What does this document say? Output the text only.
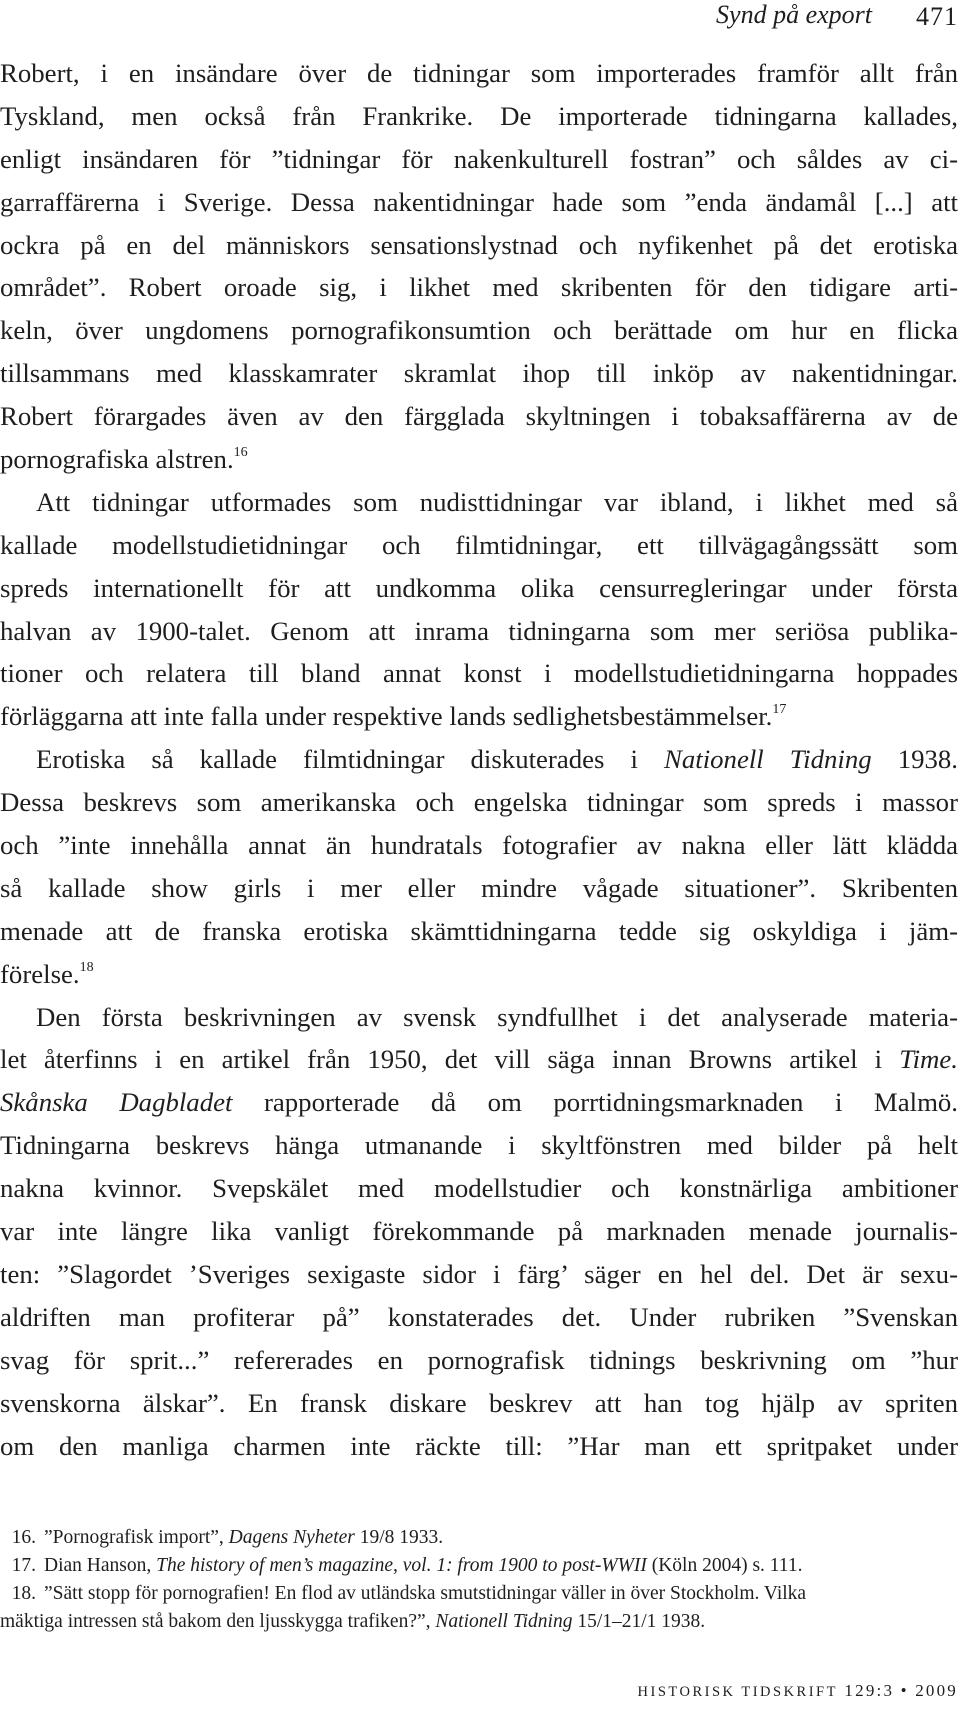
Synd på export 471
Robert, i en insändare över de tidningar som importerades framför allt från
Tyskland, men också från Frankrike. De importerade tidningarna kallades,
enligt insändaren för ”tidningar för nakenkulturell fostran” och såldes av ci-
garraffärerna i Sverige. Dessa nakentidningar hade som ”enda ändamål [...] att
ockra på en del människors sensationslystnad och nyfikenhet på det erotiska
området”. Robert oroade sig, i likhet med skribenten för den tidigare arti-
keln, över ungdomens pornografikonsumtion och berättade om hur en flicka
tillsammans med klasskamrater skramlat ihop till inköp av nakentidningar.
Robert förargades även av den färgglada skyltningen i tobaksaffärerna av de
pornografiska alstren.$^{16}$
Att tidningar utformades som nudisttidningar var ibland, i likhet med så
kallade modellstudietidningar och filmtidningar, ett tillvägagångssätt som
spreds internationellt för att undkomma olika censurregleringar under första
halvan av 1900-talet. Genom att inrama tidningarna som mer seriösa publika-
tioner och relatera till bland annat konst i modellstudietidningarna hoppades
förläggarna att inte falla under respektive lands sedlighetsbestämmelser.$^{17}$
Erotiska så kallade filmtidningar diskuterades i Nationell Tidning 1938.
Dessa beskrevs som amerikanska och engelska tidningar som spreds i massor
och ”inte innehålla annat än hundratals fotografier av nakna eller lätt klädda
så kallade show girls i mer eller mindre vågade situationer”. Skribenten
menade att de franska erotiska skämttidningarna tedde sig oskyldiga i jäm-
förelse.$^{18}$
Den första beskrivningen av svensk syndfullhet i det analyserade materia-
let återfinns i en artikel från 1950, det vill säga innan Browns artikel i Time.
Skånska Dagbladet rapporterade då om porrtidningsmarknaden i Malmö.
Tidningarna beskrevs hänga utmanande i skyltfönstren med bilder på helt
nakna kvinnor. Svepskälet med modellstudier och konstnärliga ambitioner
var inte längre lika vanligt förekommande på marknaden menade journalis-
ten: ”Slagordet ’Sveriges sexigaste sidor i färg’ säger en hel del. Det är sexu-
aldriften man profiterar på” konstaterades det. Under rubriken ”Svenskan
svag för sprit...” refererades en pornografisk tidnings beskrivning om ”hur
svenskorna älskar”. En fransk diskare beskrev att han tog hjälp av spriten
om den manliga charmen inte räckte till: ”Har man ett spritpaket under
16. ”Pornografisk import”, Dagens Nyheter 19/8 1933.
17. Dian Hanson, The history of men’s magazine, vol. 1: from 1900 to post-WWII (Köln 2004) s. 111.
18. ”Sätt stopp för pornografien! En flod av utländska smutstidningar väller in över Stockholm. Vilka
mäktiga intressen stå bakom den ljusskygga trafiken?”, Nationell Tidning 15/1–21/1 1938.
HISTORISK TIDSKRIFT 129:3 • 2009
